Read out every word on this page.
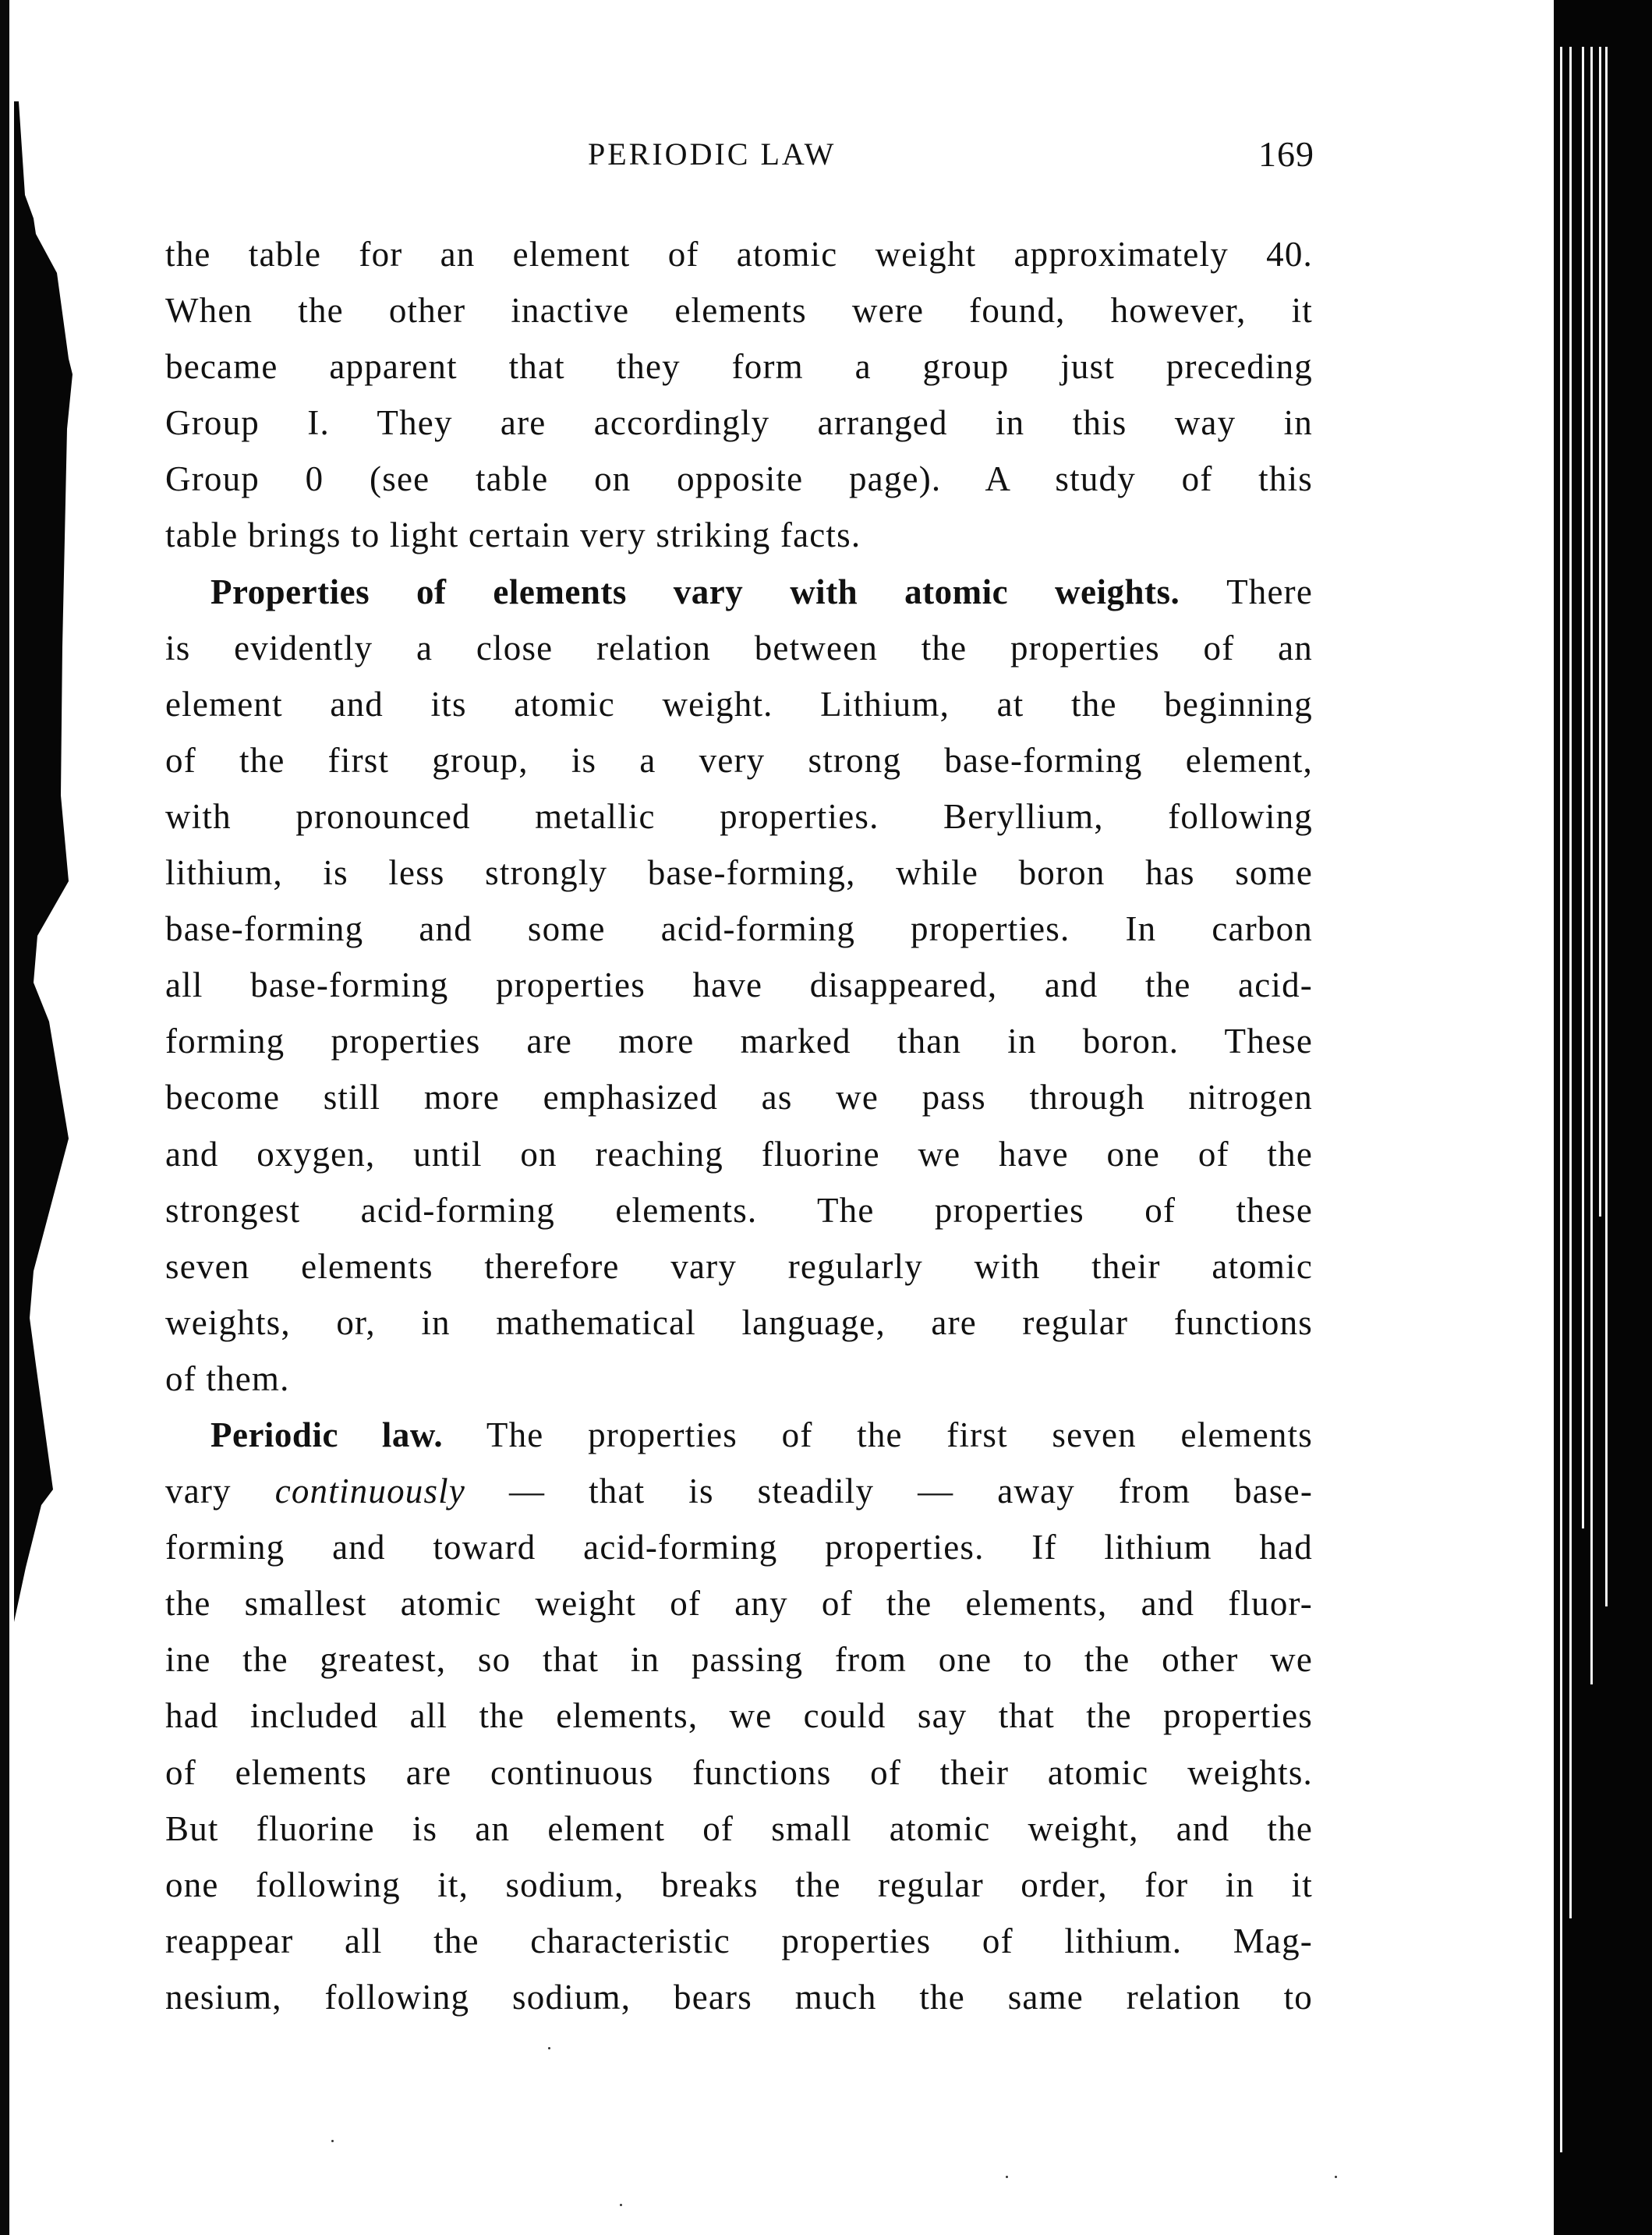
PERIODIC LAW	169
the table for an element of atomic weight approximately 40.
When the other inactive elements were found, however, it
became apparent that they form a group just preceding
Group I. They are accordingly arranged in this way in
Group 0 (see table on opposite page). A study of this
table brings to light certain very striking facts.
Properties of elements vary with atomic weights. There
is evidently a close relation between the properties of an
element and its atomic weight. Lithium, at the beginning
of the first group, is a very strong base-forming element,
with pronounced metallic properties. Beryllium, following
lithium, is less strongly base-forming, while boron has some
base-forming and some acid-forming properties. In carbon
all base-forming properties have disappeared, and the acid-
forming properties are more marked than in boron. These
become still more emphasized as we pass through nitrogen
and oxygen, until on reaching fluorine we have one of the
strongest acid-forming elements. The properties of these
seven elements therefore vary regularly with their atomic
weights, or, in mathematical language, are regular functions
of them.
Periodic law. The properties of the first seven elements
vary continuously — that is steadily — away from base-
forming and toward acid-forming properties. If lithium had
the smallest atomic weight of any of the elements, and fluor-
ine the greatest, so that in passing from one to the other we
had included all the elements, we could say that the properties
of elements are continuous functions of their atomic weights.
But fluorine is an element of small atomic weight, and the
one following it, sodium, breaks the regular order, for in it
reappear all the characteristic properties of lithium. Mag-
nesium, following sodium, bears much the same relation to
